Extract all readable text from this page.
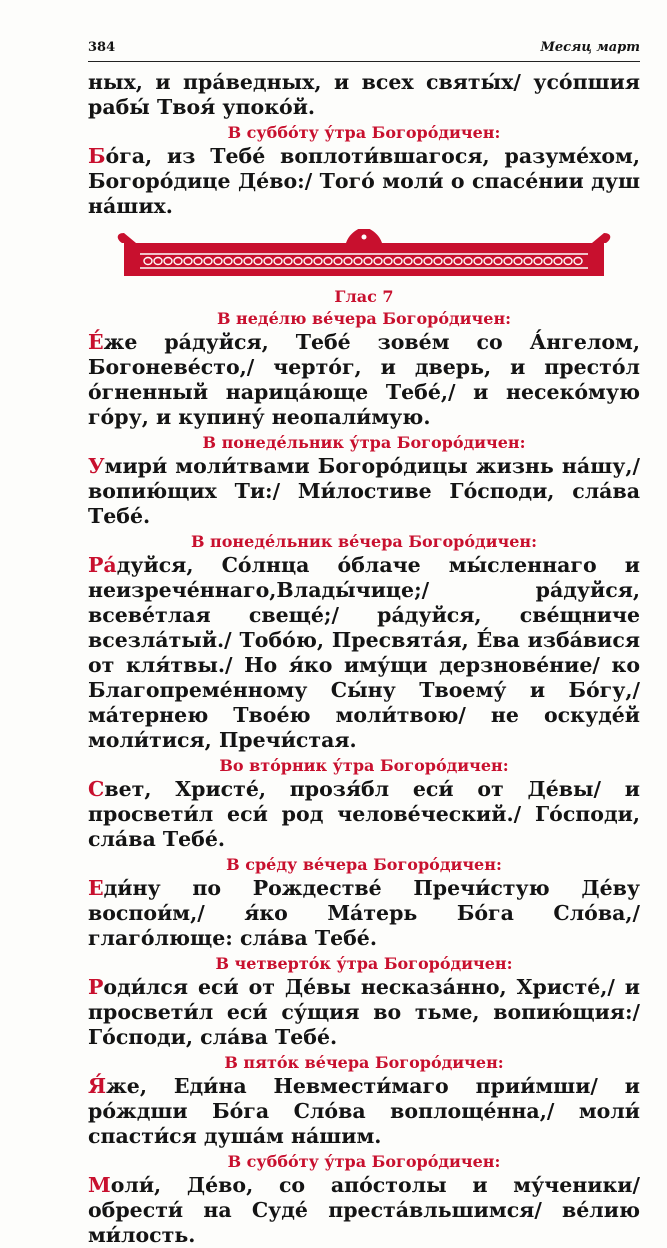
384	Месяц март

ных, и пра́ведных, и всех святы́х/ усо́пшия рабы́ Твоя́ упоко́й.

В суббо́ту у́тра Богоро́дичен:

Бо́га, из Тебе́ воплоти́вшагося, разуме́хом, Богоро́дице Де́во:/ Того́ моли́ о спасе́нии душ на́ших.

Глас 7
В неде́лю ве́чера Богоро́дичен:

Е́же ра́дуйся, Тебе́ зове́м со А́нгелом, Богоневе́сто,/ черто́г, и дверь, и престо́л о́гненный нарица́юще Тебе́,/ и несеко́мую го́ру, и купину́ неопали́мую.

В понеде́льник у́тра Богоро́дичен:

Умири́ моли́твами Богоро́дицы жизнь на́шу,/ вопию́щих Ти:/ Ми́лостиве Го́споди, сла́ва Тебе́.

В понеде́льник ве́чера Богоро́дичен:

Ра́дуйся, Со́лнца о́блаче мы́сленнаго и неизрече́ннаго,Влады́чице;/ ра́дуйся, всеве́тлая свеще́;/ ра́дуйся, све́щниче всезла́тый./ Тобо́ю, Пресвята́я, Е́ва изба́вися от кля́твы./ Но я́ко иму́щи дерзнове́ние/ ко Благопреме́нному Сы́ну Твоему́ и Бо́гу,/ ма́тернею Твое́ю моли́твою/ не оскуде́й моли́тися, Пречи́стая.

Во вто́рник у́тра Богоро́дичен:

Свет, Христе́, прозя́бл еси́ от Де́вы/ и просвети́л еси́ род челове́ческий./ Го́споди, сла́ва Тебе́.

В сре́ду ве́чера Богоро́дичен:

Еди́ну по Рождестве́ Пречи́стую Де́ву воспои́м,/ я́ко Ма́терь Бо́га Сло́ва,/ глаго́люще: сла́ва Тебе́.

В четверто́к у́тра Богоро́дичен:

Роди́лся еси́ от Де́вы несказа́нно, Христе́,/ и просвети́л еси́ су́щия во тьме, вопию́щия:/ Го́споди, сла́ва Тебе́.

В пято́к ве́чера Богоро́дичен:

Я́же, Еди́на Невмести́маго прии́мши/ и ро́ждши Бо́га Сло́ва воплоще́нна,/ моли́ спасти́ся душа́м на́шим.

В суббо́ту у́тра Богоро́дичен:

Моли́, Де́во, со апо́столы и му́ченики/ обрести́ на Суде́ преста́вльшимся/ ве́лию ми́лость.
